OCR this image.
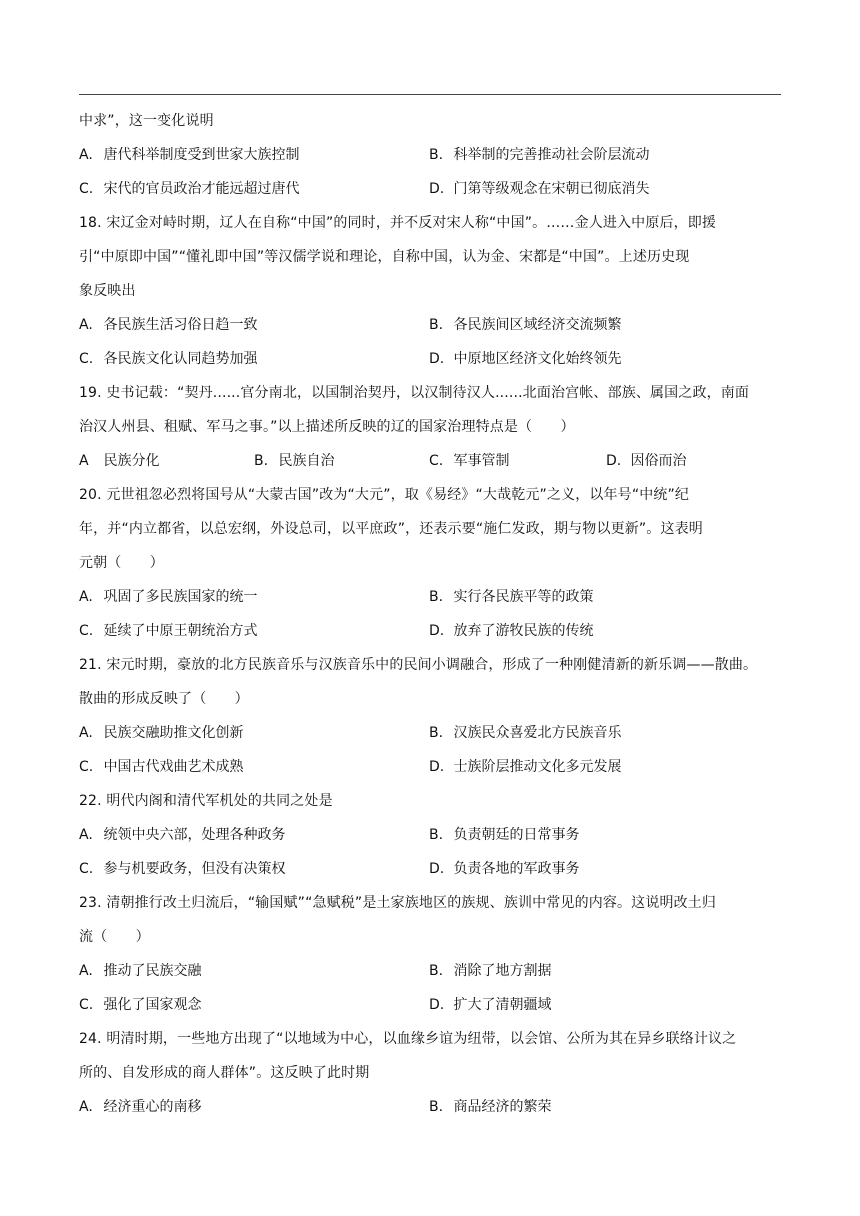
中求”，这一变化说明
A. 唐代科举制度受到世家大族控制	B. 科举制的完善推动社会阶层流动
C. 宋代的官员政治才能远超过唐代	D. 门第等级观念在宋朝已彻底消失
18. 宋辽金对峙时期，辽人在自称“中国”的同时，并不反对宋人称“中国”。……金人进入中原后，即援
引“中原即中国”“懂礼即中国”等汉儒学说和理论，自称中国，认为金、宋都是“中国”。上述历史现
象反映出
A. 各民族生活习俗日趋一致	B. 各民族间区域经济交流频繁
C. 各民族文化认同趋势加强	D. 中原地区经济文化始终领先
19. 史书记载：“契丹......官分南北，以国制治契丹，以汉制待汉人......北面治宫帐、部族、属国之政，南面
治汉人州县、租赋、军马之事。”以上描述所反映的辽的国家治理特点是（　　）
A 民族分化	B. 民族自治	C. 军事管制	D. 因俗而治
20. 元世祖忽必烈将国号从“大蒙古国”改为“大元”，取《易经》“大哉乾元”之义，以年号“中统”纪
年，并“内立都省，以总宏纲，外设总司，以平庶政”，还表示要“施仁发政，期与物以更新”。这表明
元朝（　　）
A. 巩固了多民族国家的统一	B. 实行各民族平等的政策
C. 延续了中原王朝统治方式	D. 放弃了游牧民族的传统
21. 宋元时期，豪放的北方民族音乐与汉族音乐中的民间小调融合，形成了一种刚健清新的新乐调——散曲。
散曲的形成反映了（　　）
A. 民族交融助推文化创新	B. 汉族民众喜爱北方民族音乐
C. 中国古代戏曲艺术成熟	D. 士族阶层推动文化多元发展
22. 明代内阁和清代军机处的共同之处是
A. 统领中央六部，处理各种政务	B. 负责朝廷的日常事务
C. 参与机要政务，但没有决策权	D. 负责各地的军政事务
23. 清朝推行改土归流后，“输国赋”“急赋税”是土家族地区的族规、族训中常见的内容。这说明改土归
流（　　）
A. 推动了民族交融	B. 消除了地方割据
C. 强化了国家观念	D. 扩大了清朝疆域
24. 明清时期，一些地方出现了“以地域为中心，以血缘乡谊为纽带，以会馆、公所为其在异乡联络计议之
所的、自发形成的商人群体”。这反映了此时期
A. 经济重心的南移	B. 商品经济的繁荣
